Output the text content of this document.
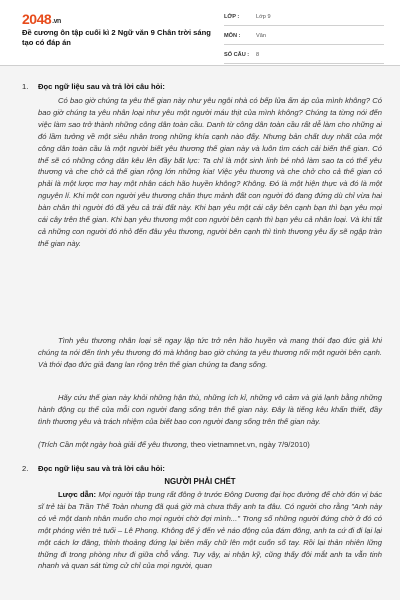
2048.vn
Đề cương ôn tập cuối kì 2 Ngữ văn 9 Chân trời sáng tạo có đáp án
LỚP :	Lớp 9
MÔN :	Văn
SỐ CÂU : 8
1. Đọc ngữ liệu sau và trả lời câu hỏi:

Có bao giờ chúng ta yêu thế gian này như yêu ngôi nhà có bếp lửa ấm áp của mình không? Có bao giờ chúng ta yêu nhân loại như yêu một người máu thịt của mình không? Chúng ta từng nói đến việc làm sao trở thành những công dân toàn cầu. Danh từ công dân toàn cầu rất dễ làm cho những ai đó lầm tưởng về một siêu nhân trong những khía cạnh nào đấy. Nhưng bản chất duy nhất của một công dân toàn cầu là một người biết yêu thương thế gian này và luôn tìm cách cải biến thế gian. Có thể sẽ có những công dân kêu lên đầy bất lực: Ta chỉ là một sinh linh bé nhỏ làm sao ta có thể yêu thương và che chở cả thế gian rộng lớn những kia! Việc yêu thương và che chở cho cả thế gian có phải là một lược mơ hay một nhân cách hão huyền không? Không. Đó là một hiện thực và đó là một nguyên lí. Khi một con người yêu thương chăn thực mảnh đất con người đó đang đứng dù chỉ vừa hai bàn chân thì người đó đã yêu cả trái đất này. Khi bạn yêu một cái cây bên cạnh bạn thì bạn yêu mọi cái cây trên thế gian. Khi bạn yêu thương một con người bên cạnh thì bạn yêu cả nhân loại. Và khi tất cả những con người đó nhỏ đến đâu yêu thương, người bên cạnh thì tình thương yêu ấy sẽ ngập tràn thế gian này.

Tình yêu thương nhân loại sẽ ngay lập tức trở nên hão huyền và mang thói đạo đức giả khi chúng ta nói đến tình yêu thương đó mà không bao giờ chúng ta yêu thương nổi một người bên cạnh. Và thói đạo đức giả đang lan rộng trên thế gian chúng ta đang sống.

Hãy cứu thế gian này khỏi những hận thù, những ích kỉ, những vô cảm và giá lạnh bằng những hành động cụ thể của mỗi con người đang sống trên thế gian này. Đây là tiếng kêu khẩn thiết, đầy tình thương yêu và trách nhiệm của biết bao con người đang sống trên thế gian này.

(Trích Cần một ngày hoà giải để yêu thương, theo vietnamnet.vn, ngày 7/9/2010)
2. Đọc ngữ liệu sau và trả lời câu hỏi:
NGƯỜI PHẢI CHẾT

Lược dẫn: Mọi người tập trung rất đông ở trước Đông Dương đại học đường để chờ đón vị bác sĩ trẻ tài ba Trần Thế Toàn nhưng đã quá giờ mà chưa thấy anh ta đâu. Có người cho rằng "Anh này có vẻ một danh nhân muốn cho mọi người chờ đợi mình..." Trong số những người đứng chờ ở đó có một phóng viên trẻ tuổi – Lê Phong. Không để ý đến vẻ náo động của đám đông, anh ta cứ đi đi lại lại một cách lơ đãng, thỉnh thoảng đứng lại biên mấy chữ lên một cuốn sổ tay. Rồi lại thản nhiên lững thững đi trong phòng như đi giữa chỗ vắng. Tuy vậy, ai nhận kỹ, cũng thấy đôi mắt anh ta vẫn tinh nhanh và quan sát từng cử chỉ của mọi người, quan
